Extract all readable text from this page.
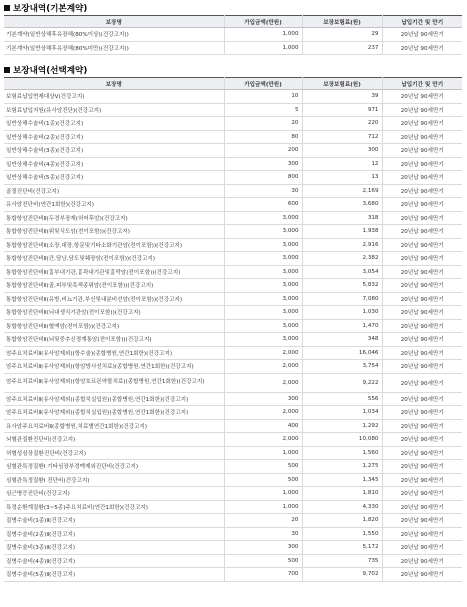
보장내역(기본계약)
보장명	가입금액(만원)	보장보험료(원)	납입기간 및 만기
기본계약(일반상해후유장해(80%이상)(건강고지))	1,000	29	20년납 90세만기
기본계약(일반상해후유장해(80%미만)(건강고지))	1,000	237	20년납 90세만기
보장내역(선택계약)
보장명	가입금액(만원)	보장보험료(원)	납입기간 및 만기
보험료납입면제대상Ⅴ(건강고지)	10	39	20년납 90세만기
보험료납입지원(유사암진단)(건강고지)	5	971	20년납 90세만기
일반상해수술비(1종)(건강고지)	20	220	20년납 90세만기
일반상해수술비(2종)(건강고지)	80	712	20년납 90세만기
일반상해수술비(3종)(건강고지)	200	300	20년납 90세만기
일반상해수술비(4종)(건강고지)	300	12	20년납 90세만기
일반상해수술비(5종)(건강고지)	800	13	20년납 90세만기
골절진단비(건강고지)	30	2,169	20년납 90세만기
유사암진단비(연간1회한)(건강고지)	600	3,680	20년납 90세만기
통합항암진단비Ⅱ(두경부장재(허어후암)(건강고지)	3,000	318	20년납 90세만기
통합항암진단비Ⅱ(위및식도암(전이포함))(건강고지)	3,000	1,938	20년납 90세만기
통합항암진단비Ⅱ(소장,대장,항문및기타소화기관암(전이포함))(건강고지)	3,000	2,916	20년납 90세만기
통합항암진단비Ⅱ(간,담낭,담도및췌장암(전이포함))(건강고지)	3,000	2,382	20년납 90세만기
통합항암진단비Ⅱ(흉부내기관,흉곽내기관및흉막암(전이포함))(건강고지)	3,000	3,054	20년납 90세만기
통합항암진단비Ⅱ(골,피부및흑색종위암(전이포함))(건강고지)	3,000	5,832	20년납 90세만기
통합항암진단비Ⅱ(유방,비뇨기관,부신및내분비선암(전이포함))(건강고지)	3,000	7,080	20년납 90세만기
통합항암진단비Ⅱ(뇌내생식기관암(전이포함))(건강고지)	3,000	1,030	20년납 90세만기
통합항암진단비Ⅱ(혈액암(전이포함))(건강고지)	3,000	1,470	20년납 90세만기
통합항암진단비Ⅱ(뇌및중추신경계통암(전이포함))(건강고지)	3,000	348	20년납 90세만기
암주요치료비Ⅱ(유사암제외)(항수술)(종합병원,연간1회한)(건강고지)	2,000	16,046	20년납 90세만기
암주요치료비Ⅱ(유사암제외)(항암방사선치료)(종합병원,연간1회한)(건강고지)	2,000	3,754	20년납 90세만기
암주요치료비Ⅱ(유사암제외)(항암호르몬약물치료)(종합병원,연간1회한)(건강고지)	2,000	9,222	20년납 90세만기
암주요치료비Ⅱ(유사암제외)(종합치실입원)(종합병원,연간1회한)(건강고지)	300	556	20년납 90세만기
암주요치료비Ⅱ(유사암제외)(종합치실입원)(종합병원,연간1회한)(건강고지)	2,000	1,034	20년납 90세만기
유사암주요치료비Ⅱ(종합병원,치료별연간1회한)(건강고지)	400	1,292	20년납 90세만기
뇌혈관질환진단비(건강고지)	2,000	10,080	20년납 90세만기
허혈성심장질환진단비(건강고지)	1,000	1,560	20년납 90세만기
심혈관특정질환Ⅰ 기타심장부정맥제외진단비(건강고지)	500	1,275	20년납 90세만기
심혈관특정질환Ⅰ 진단비(건강고지)	500	1,345	20년납 90세만기
심근병증진단비(건강고지)	1,000	1,810	20년납 90세만기
특정순환계질환(3~5종)주요치료비(연간1회한)(건강고지)	1,000	4,330	20년납 90세만기
질병수술비(1종)Ⅱ(건강고지)	20	1,820	20년납 90세만기
질병수술비(2종)Ⅱ(건강고지)	30	1,550	20년납 90세만기
질병수술비(3종)Ⅱ(건강고지)	300	5,172	20년납 90세만기
질병수술비(4종)Ⅱ(건강고지)	500	735	20년납 90세만기
질병수술비(5종)Ⅱ(건강고지)	700	9,702	20년납 90세만기
